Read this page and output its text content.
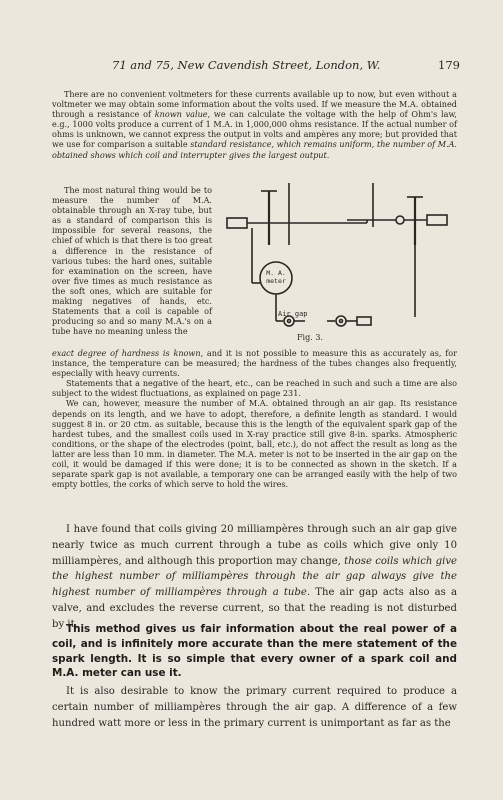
71 and 75, New Cavendish Street, London, W.	179
There are no convenient voltmeters for these currents available up to now, but even without a voltmeter we may obtain some information about the volts used. If we measure the M.A. obtained through a resistance of known value, we can calculate the voltage with the help of Ohm's law, e.g., 1000 volts produce a current of 1 M.A. in 1,000,000 ohms resistance. If the actual number of ohms is unknown, we cannot express the output in volts and ampères any more; but provided that we use for comparison a suitable standard resistance, which remains uniform, the number of M.A. obtained shows which coil and interrupter gives the largest output.

The most natural thing would be to measure the number of M.A. obtainable through an X-ray tube, but as a standard of comparison this is impossible for several reasons, the chief of which is that there is too great a difference in the resistance of various tubes: the hard ones, suitable for examination on the screen, have over five times as much resistance as the soft ones, which are suitable for making negatives of hands, etc. Statements that a coil is capable of producing so and so many M.A.'s on a tube have no meaning unless the

M. A. meter
Air gap
Fig. 3.

exact degree of hardness is known, and it is not possible to measure this as accurately as, for instance, the temperature can be measured; the hardness of the tubes changes also frequently, especially with heavy currents.

Statements that a negative of the heart, etc., can be reached in such and such a time are also subject to the widest fluctuations, as explained on page 231.

We can, however, measure the number of M.A. obtained through an air gap. Its resistance depends on its length, and we have to adopt, therefore, a definite length as standard. I would suggest 8 in. or 20 ctm. as suitable, because this is the length of the equivalent spark gap of the hardest tubes, and the smallest coils used in X-ray practice still give 8-in. sparks. Atmospheric conditions, or the shape of the electrodes (point, ball, etc.), do not affect the result as long as the latter are less than 10 mm. in diameter. The M.A. meter is not to be inserted in the air gap on the coil, it would be damaged if this were done; it is to be connected as shown in the sketch. If a separate spark gap is not available, a temporary one can be arranged easily with the help of two empty bottles, the corks of which serve to hold the wires.

I have found that coils giving 20 milliampères through such an air gap give nearly twice as much current through a tube as coils which give only 10 milliampères, and although this proportion may change, those coils which give the highest number of milliampères through the air gap always give the highest number of milliampères through a tube. The air gap acts also as a valve, and excludes the reverse current, so that the reading is not disturbed by it.
This method gives us fair information about the real power of a coil, and is infinitely more accurate than the mere statement of the spark length. It is so simple that every owner of a spark coil and M.A. meter can use it.
It is also desirable to know the primary current required to produce a certain number of milliampères through the air gap. A difference of a few hundred watt more or less in the primary current is unimportant as far as the
